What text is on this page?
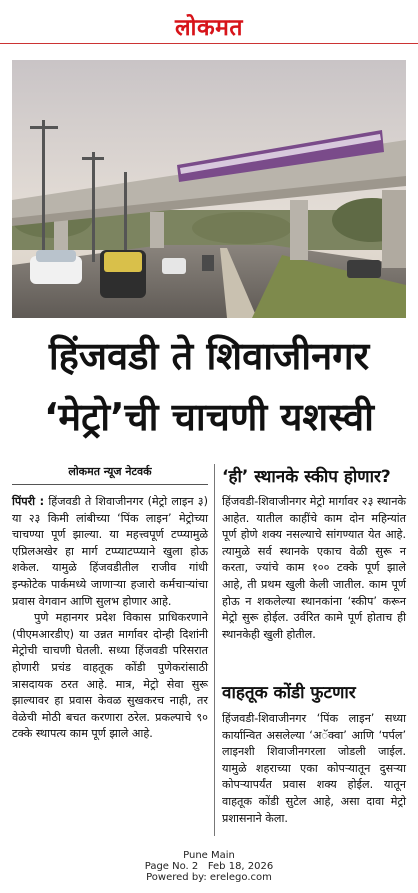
लोकमत
हिंजवडी ते शिवाजीनगर
‘मेट्रो’ची चाचणी यशस्वी
लोकमत न्यूज नेटवर्क
पिंपरी : हिंजवडी ते शिवाजीनगर (मेट्रो लाइन ३) या २३ किमी लांबीच्या ‘पिंक लाइन’ मेट्रोच्या चाचण्या पूर्ण झाल्या. या महत्त्वपूर्ण टप्प्यामुळे एप्रिलअखेर हा मार्ग टप्प्याटप्प्याने खुला होऊ शकेल. यामुळे हिंजवडीतील राजीव गांधी इन्फोटेक पार्कमध्ये जाणाऱ्या हजारो कर्मचाऱ्यांचा प्रवास वेगवान आणि सुलभ होणार आहे.
पुणे महानगर प्रदेश विकास प्राधिकरणाने (पीएमआरडीए) या उन्नत मार्गावर दोन्ही दिशांनी मेट्रोची चाचणी घेतली. सध्या हिंजवडी परिसरात होणारी प्रचंड वाहतूक कोंडी पुणेकरांसाठी त्रासदायक ठरत आहे. मात्र, मेट्रो सेवा सुरू झाल्यावर हा प्रवास केवळ सुखकरच नाही, तर वेळेची मोठी बचत करणारा ठरेल. प्रकल्पाचे ९० टक्के स्थापत्य काम पूर्ण झाले आहे.
‘ही’ स्थानके स्कीप होणार?
हिंजवडी-शिवाजीनगर मेट्रो मार्गावर २३ स्थानके आहेत. यातील काहींचे काम दोन महिन्यांत पूर्ण होणे शक्य नसल्याचे सांगण्यात येत आहे. त्यामुळे सर्व स्थानके एकाच वेळी सुरू न करता, ज्यांचे काम १०० टक्के पूर्ण झाले आहे, ती प्रथम खुली केली जातील. काम पूर्ण होऊ न शकलेल्या स्थानकांना ‘स्कीप’ करून मेट्रो सुरू होईल. उर्वरित कामे पूर्ण होताच ही स्थानकेही खुली होतील.
वाहतूक कोंडी फुटणार
हिंजवडी-शिवाजीनगर ‘पिंक लाइन’ सध्या कार्यान्वित असलेल्या ‘अॅक्वा’ आणि ‘पर्पल’ लाइनशी शिवाजीनगरला जोडली जाईल. यामुळे शहराच्या एका कोपऱ्यातून दुसऱ्या कोपऱ्यापर्यंत प्रवास शक्य होईल. यातून वाहतूक कोंडी सुटेल आहे, असा दावा मेट्रो प्रशासनाने केला.
Pune Main
Page No. 2 Feb 18, 2026
Powered by: erelego.com
